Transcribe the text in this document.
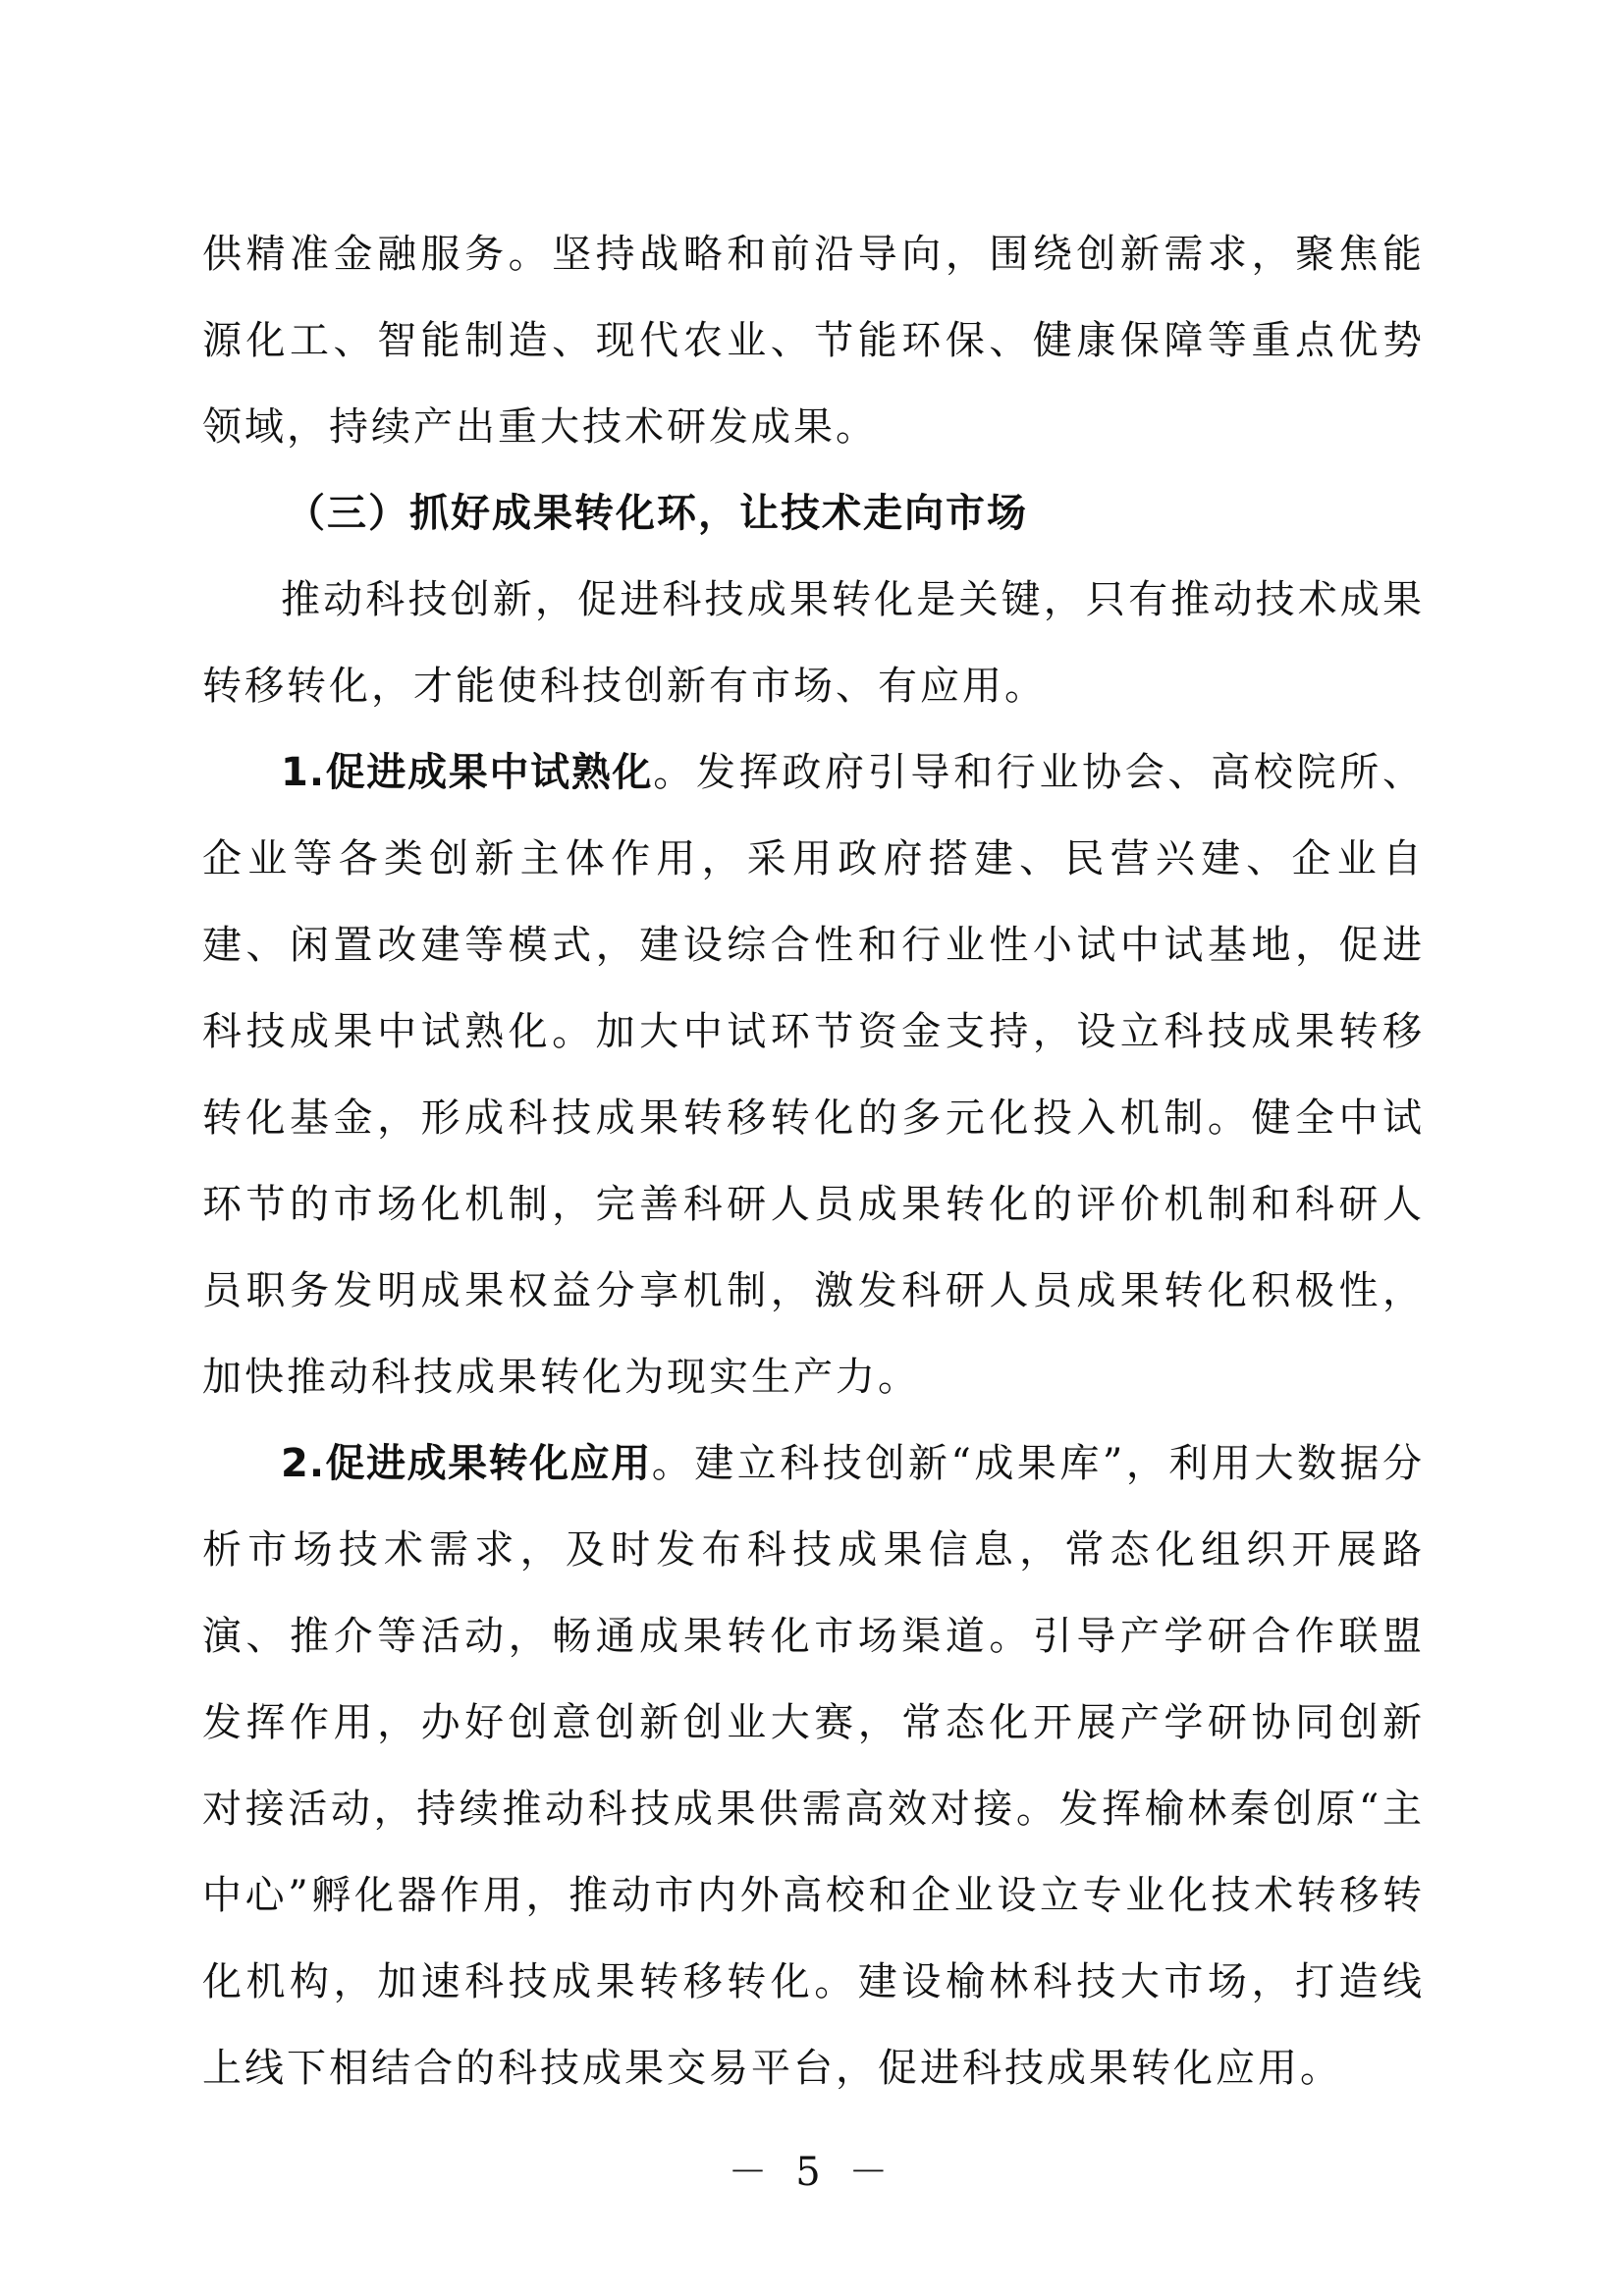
供精准金融服务。坚持战略和前沿导向，围绕创新需求，聚焦能源化工、智能制造、现代农业、节能环保、健康保障等重点优势领域，持续产出重大技术研发成果。

（三）抓好成果转化环，让技术走向市场

推动科技创新，促进科技成果转化是关键，只有推动技术成果转移转化，才能使科技创新有市场、有应用。

1.促进成果中试熟化。发挥政府引导和行业协会、高校院所、企业等各类创新主体作用，采用政府搭建、民营兴建、企业自建、闲置改建等模式，建设综合性和行业性小试中试基地，促进科技成果中试熟化。加大中试环节资金支持，设立科技成果转移转化基金，形成科技成果转移转化的多元化投入机制。健全中试环节的市场化机制，完善科研人员成果转化的评价机制和科研人员职务发明成果权益分享机制，激发科研人员成果转化积极性，加快推动科技成果转化为现实生产力。

2.促进成果转化应用。建立科技创新“成果库”，利用大数据分析市场技术需求，及时发布科技成果信息，常态化组织开展路演、推介等活动，畅通成果转化市场渠道。引导产学研合作联盟发挥作用，办好创意创新创业大赛，常态化开展产学研协同创新对接活动，持续推动科技成果供需高效对接。发挥榆林秦创原“主中心”孵化器作用，推动市内外高校和企业设立专业化技术转移转化机构，加速科技成果转移转化。建设榆林科技大市场，打造线上线下相结合的科技成果交易平台，促进科技成果转化应用。

－ 5 －
